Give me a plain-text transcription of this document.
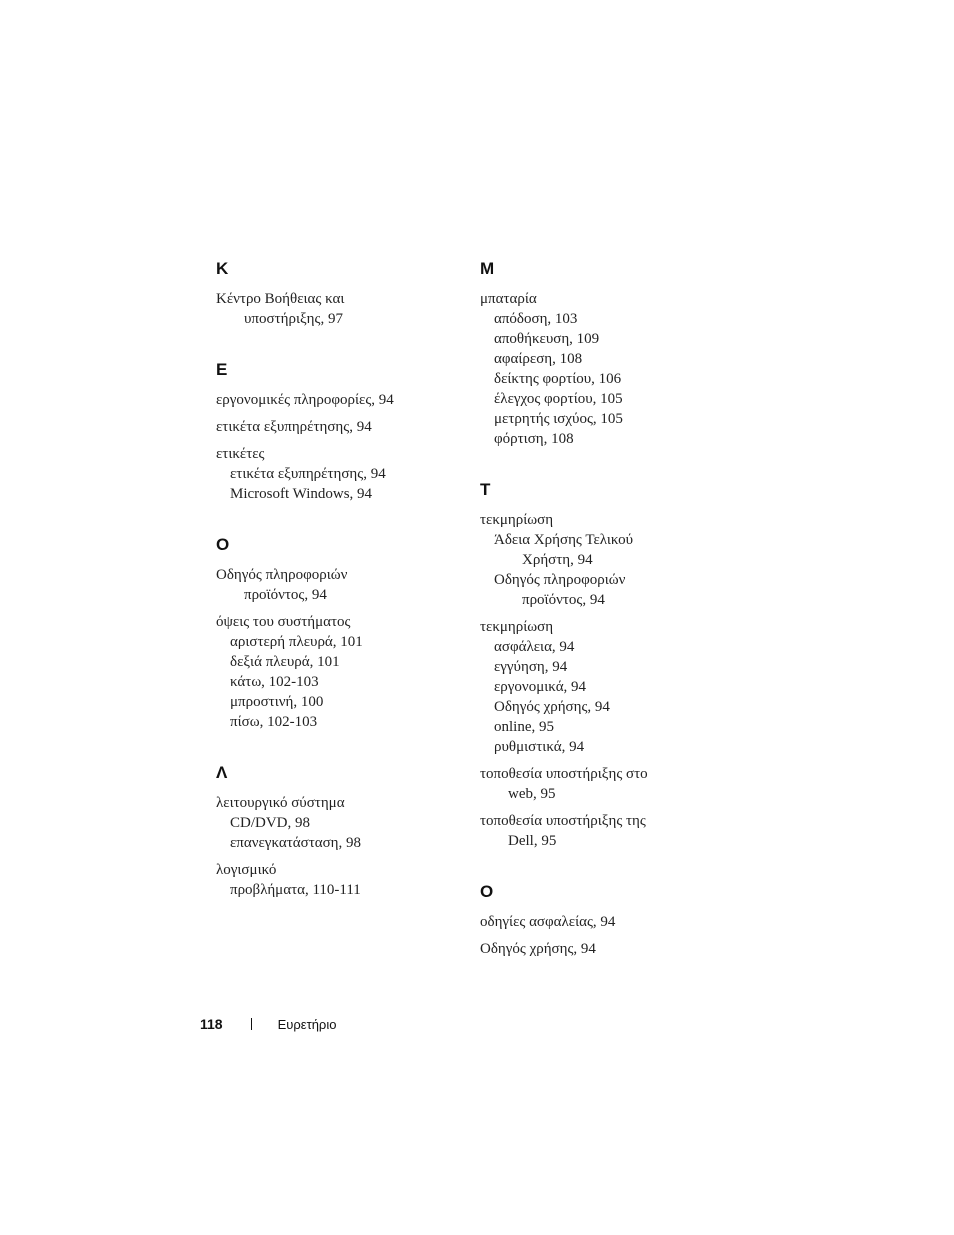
K
Κέντρο Βοήθειας και
υποστήριξης, 97
E
εργονομικές πληροφορίες, 94
ετικέτα εξυπηρέτησης, 94
ετικέτες
ετικέτα εξυπηρέτησης, 94
Microsoft Windows, 94
O
Οδηγός πληροφοριών
προϊόντος, 94
όψεις του συστήματος
αριστερή πλευρά, 101
δεξιά πλευρά, 101
κάτω, 102-103
μπροστινή, 100
πίσω, 102-103
Λ
λειτουργικό σύστημα
CD/DVD, 98
επανεγκατάσταση, 98
λογισμικό
προβλήματα, 110-111
M
μπαταρία
απόδοση, 103
αποθήκευση, 109
αφαίρεση, 108
δείκτης φορτίου, 106
έλεγχος φορτίου, 105
μετρητής ισχύος, 105
φόρτιση, 108
T
τεκμηρίωση
Άδεια Χρήσης Τελικού
Χρήστη, 94
Οδηγός πληροφοριών
προϊόντος, 94
τεκμηρίωση
ασφάλεια, 94
εγγύηση, 94
εργονομικά, 94
Οδηγός χρήσης, 94
online, 95
ρυθμιστικά, 94
τοποθεσία υποστήριξης στο
web, 95
τοποθεσία υποστήριξης της
Dell, 95
O
οδηγίες ασφαλείας, 94
Οδηγός χρήσης, 94
118	Ευρετήριο
